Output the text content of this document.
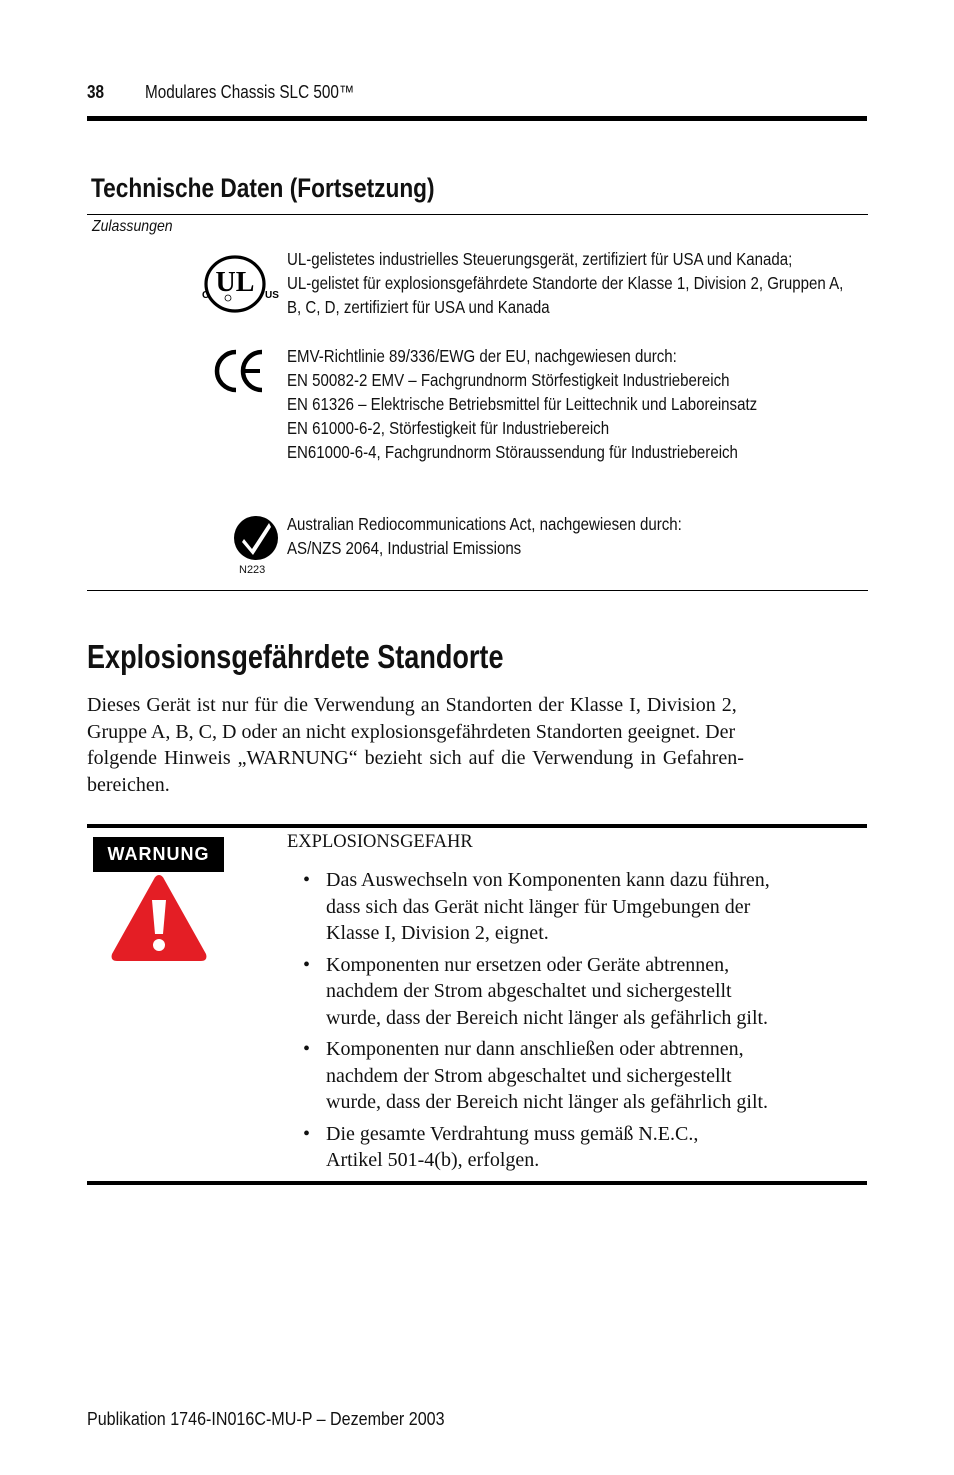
38 Modulares Chassis SLC 500™
Technische Daten (Fortsetzung)
Zulassungen
UL
C	US
UL-gelistetes industrielles Steuerungsgerät, zertifiziert für USA und Kanada;
UL-gelistet für explosionsgefährdete Standorte der Klasse 1, Division 2, Gruppen A,
B, C, D, zertifiziert für USA und Kanada
EMV-Richtlinie 89/336/EWG der EU, nachgewiesen durch:
EN 50082-2 EMV – Fachgrundnorm Störfestigkeit Industriebereich
EN 61326 – Elektrische Betriebsmittel für Leittechnik und Laboreinsatz
EN 61000-6-2, Störfestigkeit für Industriebereich
EN61000-6-4, Fachgrundnorm Störaussendung für Industriebereich
N223
Australian Rediocommunications Act, nachgewiesen durch:
AS/NZS 2064, Industrial Emissions
Explosionsgefährdete Standorte
Dieses Gerät ist nur für die Verwendung an Standorten der Klasse I, Division 2,
Gruppe A, B, C, D oder an nicht explosionsgefährdeten Standorten geeignet. Der
folgende Hinweis „WARNUNG“ bezieht sich auf die Verwendung in Gefahren-
bereichen.
WARNUNG
EXPLOSIONSGEFAHR
• Das Auswechseln von Komponenten kann dazu führen,
dass sich das Gerät nicht länger für Umgebungen der
Klasse I, Division 2, eignet.
• Komponenten nur ersetzen oder Geräte abtrennen,
nachdem der Strom abgeschaltet und sichergestellt
wurde, dass der Bereich nicht länger als gefährlich gilt.
• Komponenten nur dann anschließen oder abtrennen,
nachdem der Strom abgeschaltet und sichergestellt
wurde, dass der Bereich nicht länger als gefährlich gilt.
• Die gesamte Verdrahtung muss gemäß N.E.C.,
Artikel 501-4(b), erfolgen.
Publikation 1746-IN016C-MU-P – Dezember 2003
